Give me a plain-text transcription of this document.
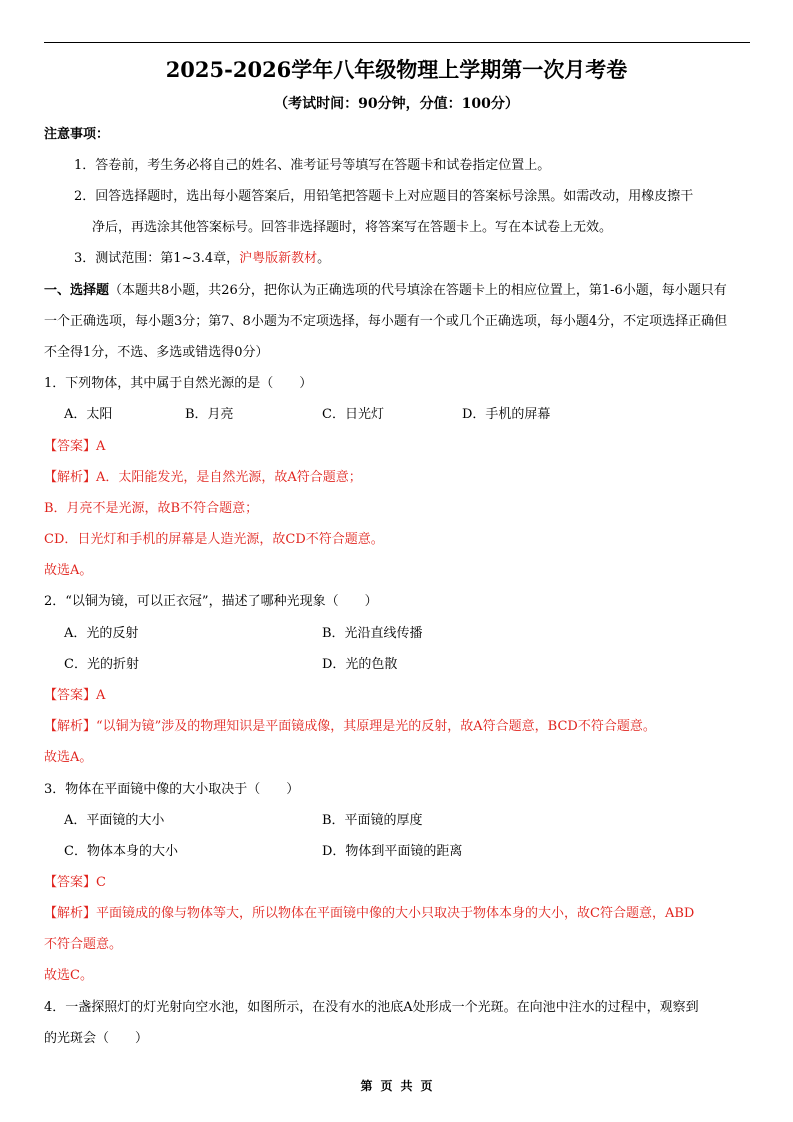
2025-2026学年八年级物理上学期第一次月考卷
（考试时间：90分钟，分值：100分）
注意事项：
1．答卷前，考生务必将自己的姓名、准考证号等填写在答题卡和试卷指定位置上。
2．回答选择题时，选出每小题答案后，用铅笔把答题卡上对应题目的答案标号涂黑。如需改动，用橡皮擦干
净后，再选涂其他答案标号。回答非选择题时，将答案写在答题卡上。写在本试卷上无效。
3．测试范围：第1~3.4章，沪粤版新教材。
一、选择题（本题共8小题，共26分，把你认为正确选项的代号填涂在答题卡上的相应位置上，第1-6小题，每小题只有
一个正确选项，每小题3分；第7、8小题为不定项选择，每小题有一个或几个正确选项，每小题4分，不定项选择正确但
不全得1分，不选、多选或错选得0分）
1．下列物体，其中属于自然光源的是（　　）
A．太阳	B．月亮	C．日光灯	D．手机的屏幕
【答案】A
【解析】A．太阳能发光，是自然光源，故A符合题意；
B．月亮不是光源，故B不符合题意；
CD．日光灯和手机的屏幕是人造光源，故CD不符合题意。
故选A。
2．“以铜为镜，可以正衣冠”，描述了哪种光现象（　　）
A．光的反射	B．光沿直线传播
C．光的折射	D．光的色散
【答案】A
【解析】“以铜为镜”涉及的物理知识是平面镜成像，其原理是光的反射，故A符合题意，BCD不符合题意。
故选A。
3．物体在平面镜中像的大小取决于（　　）
A．平面镜的大小	B．平面镜的厚度
C．物体本身的大小	D．物体到平面镜的距离
【答案】C
【解析】平面镜成的像与物体等大，所以物体在平面镜中像的大小只取决于物体本身的大小，故C符合题意，ABD
不符合题意。
故选C。
4．一盏探照灯的灯光射向空水池，如图所示，在没有水的池底A处形成一个光斑。在向池中注水的过程中，观察到
的光斑会（　　）
第 页 共 页
